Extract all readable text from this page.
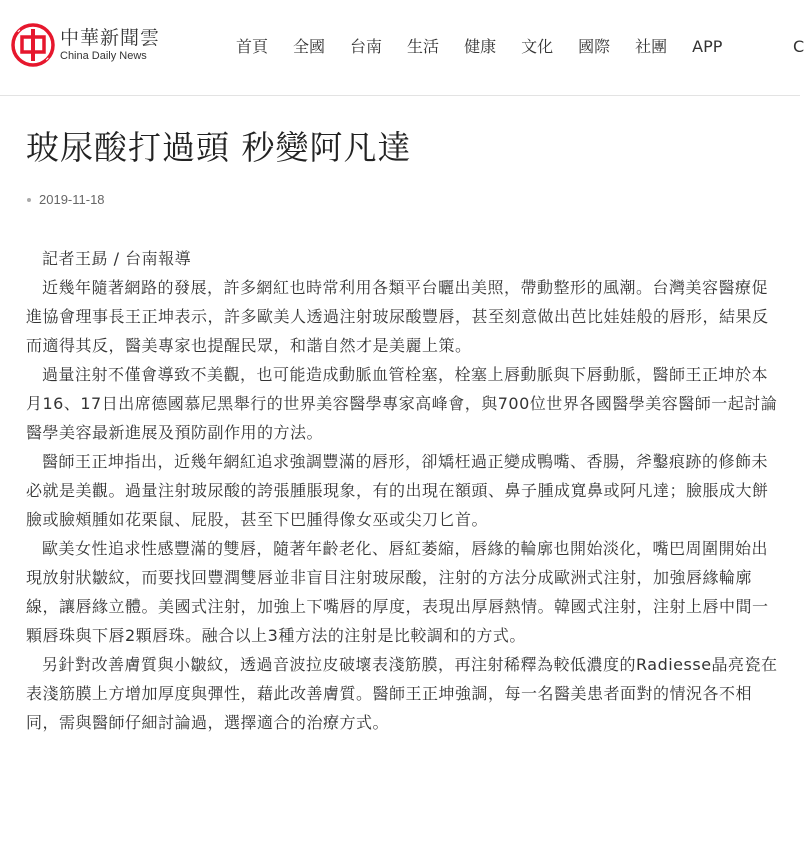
中華新聞雲
China Daily News	首頁 全國 台南 生活 健康 文化 國際 社團 APP	C
玻尿酸打過頭 秒變阿凡達
2019-11-18

記者王勗 / 台南報導

近幾年隨著網路的發展，許多網紅也時常利用各類平台曬出美照，帶動整形的風潮。台灣美容醫療促進協會理事長王正坤表示，許多歐美人透過注射玻尿酸豐唇，甚至刻意做出芭比娃娃般的唇形，結果反而適得其反，醫美專家也提醒民眾，和諧自然才是美麗上策。

過量注射不僅會導致不美觀，也可能造成動脈血管栓塞，栓塞上唇動脈與下唇動脈，醫師王正坤於本月16、17日出席德國慕尼黑舉行的世界美容醫學專家高峰會，與700位世界各國醫學美容醫師一起討論醫學美容最新進展及預防副作用的方法。

醫師王正坤指出，近幾年網紅追求強調豐滿的唇形，卻矯枉過正變成鴨嘴、香腸，斧鑿痕跡的修飾未必就是美觀。過量注射玻尿酸的誇張腫脹現象，有的出現在額頭、鼻子腫成寬鼻或阿凡達；臉脹成大餅臉或臉頰腫如花栗鼠、屁股，甚至下巴腫得像女巫或尖刀匕首。

歐美女性追求性感豐滿的雙唇，隨著年齡老化、唇紅萎縮，唇緣的輪廓也開始淡化，嘴巴周圍開始出現放射狀皺紋，而要找回豐潤雙唇並非盲目注射玻尿酸，注射的方法分成歐洲式注射，加強唇緣輪廓線，讓唇緣立體。美國式注射，加強上下嘴唇的厚度，表現出厚唇熱情。韓國式注射，注射上唇中間一顆唇珠與下唇2顆唇珠。融合以上3種方法的注射是比較調和的方式。

另針對改善膚質與小皺紋，透過音波拉皮破壞表淺筋膜，再注射稀釋為較低濃度的Radiesse晶亮瓷在表淺筋膜上方增加厚度與彈性，藉此改善膚質。醫師王正坤強調，每一名醫美患者面對的情況各不相同，需與醫師仔細討論過，選擇適合的治療方式。
